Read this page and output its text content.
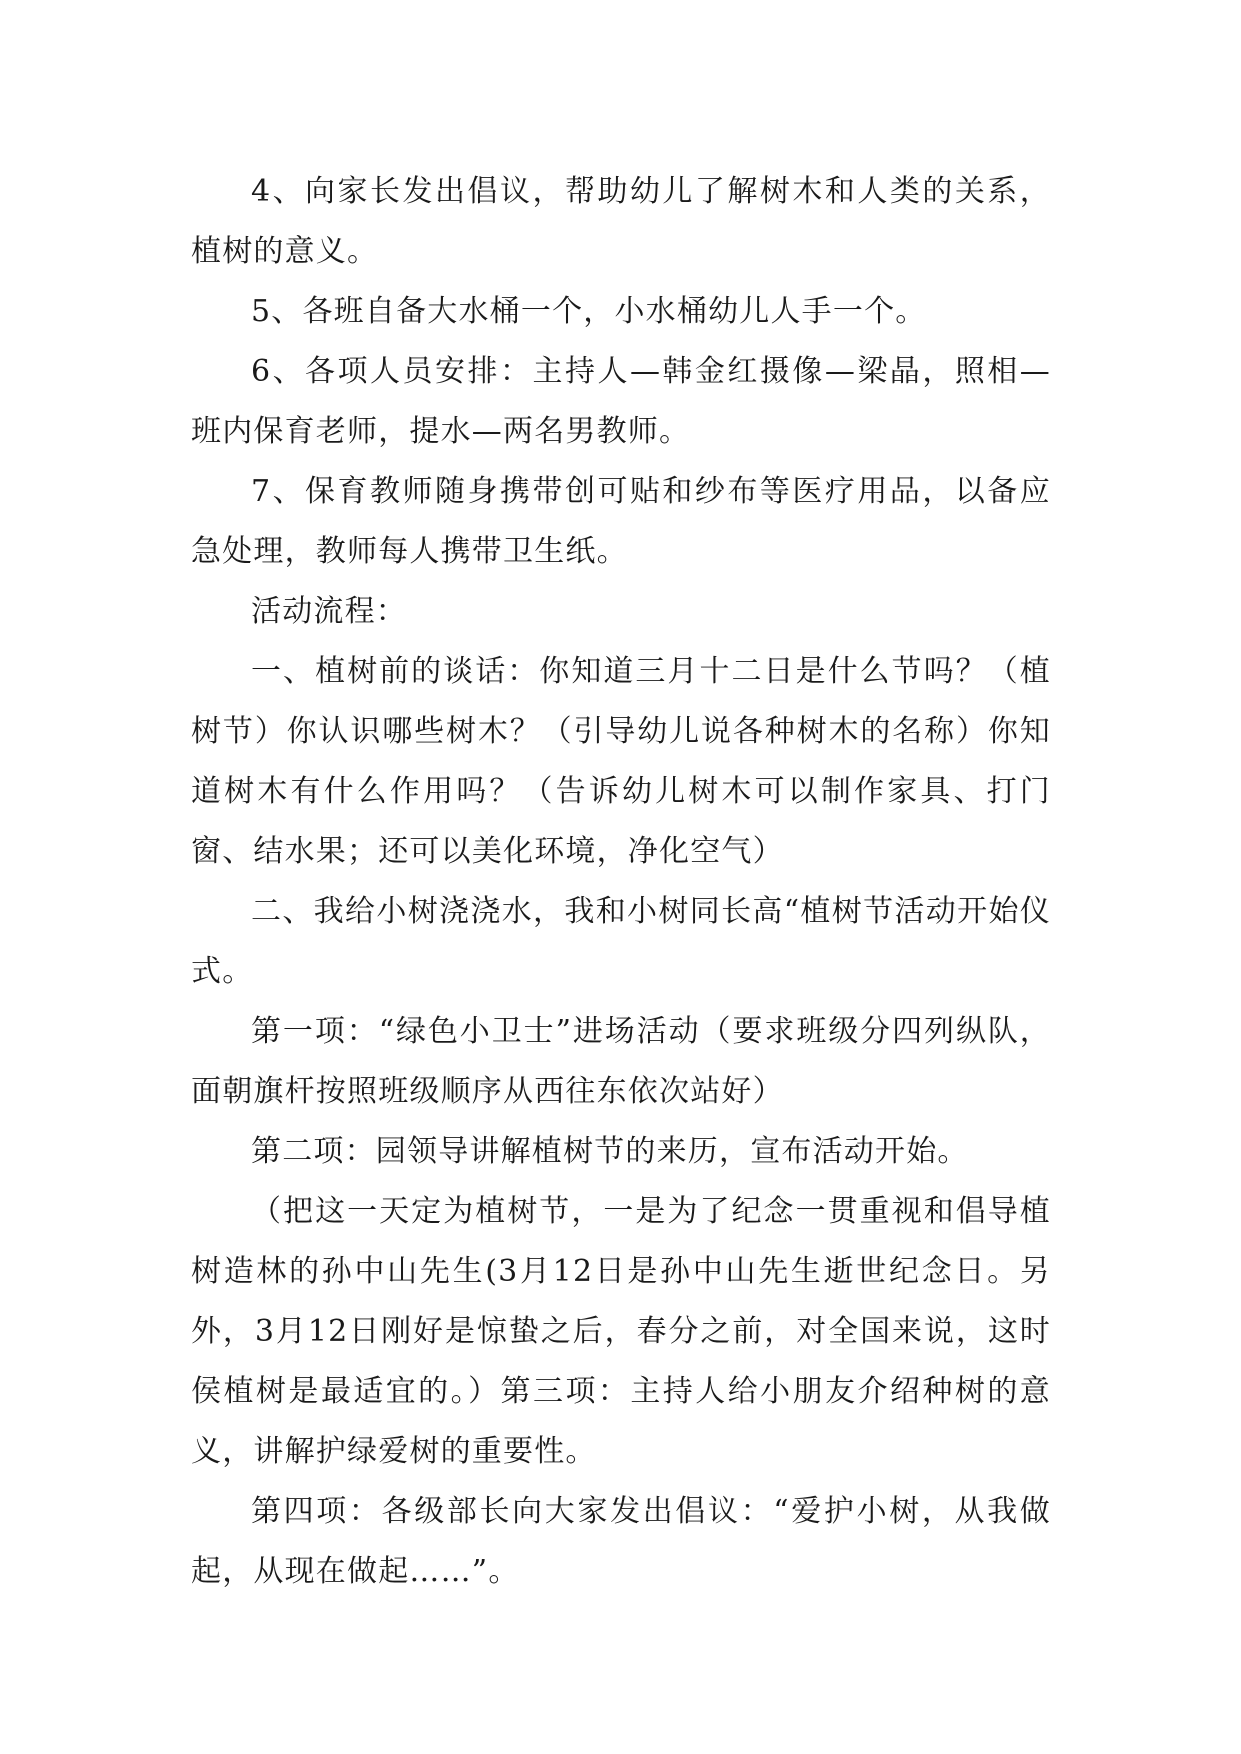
4、向家长发出倡议，帮助幼儿了解树木和人类的关系，植树的意义。

5、各班自备大水桶一个，小水桶幼儿人手一个。

6、各项人员安排：主持人—韩金红摄像—梁晶，照相—班内保育老师，提水—两名男教师。

7、保育教师随身携带创可贴和纱布等医疗用品，以备应急处理，教师每人携带卫生纸。

活动流程：

一、植树前的谈话：你知道三月十二日是什么节吗？（植树节）你认识哪些树木？（引导幼儿说各种树木的名称）你知道树木有什么作用吗？（告诉幼儿树木可以制作家具、打门窗、结水果；还可以美化环境，净化空气）

二、我给小树浇浇水，我和小树同长高“植树节活动开始仪式。

第一项：“绿色小卫士”进场活动（要求班级分四列纵队，面朝旗杆按照班级顺序从西往东依次站好）

第二项：园领导讲解植树节的来历，宣布活动开始。

（把这一天定为植树节，一是为了纪念一贯重视和倡导植树造林的孙中山先生(3月12日是孙中山先生逝世纪念日。另外，3月12日刚好是惊蛰之后，春分之前，对全国来说，这时侯植树是最适宜的。）第三项：主持人给小朋友介绍种树的意义，讲解护绿爱树的重要性。

第四项：各级部长向大家发出倡议：“爱护小树，从我做起，从现在做起……”。
